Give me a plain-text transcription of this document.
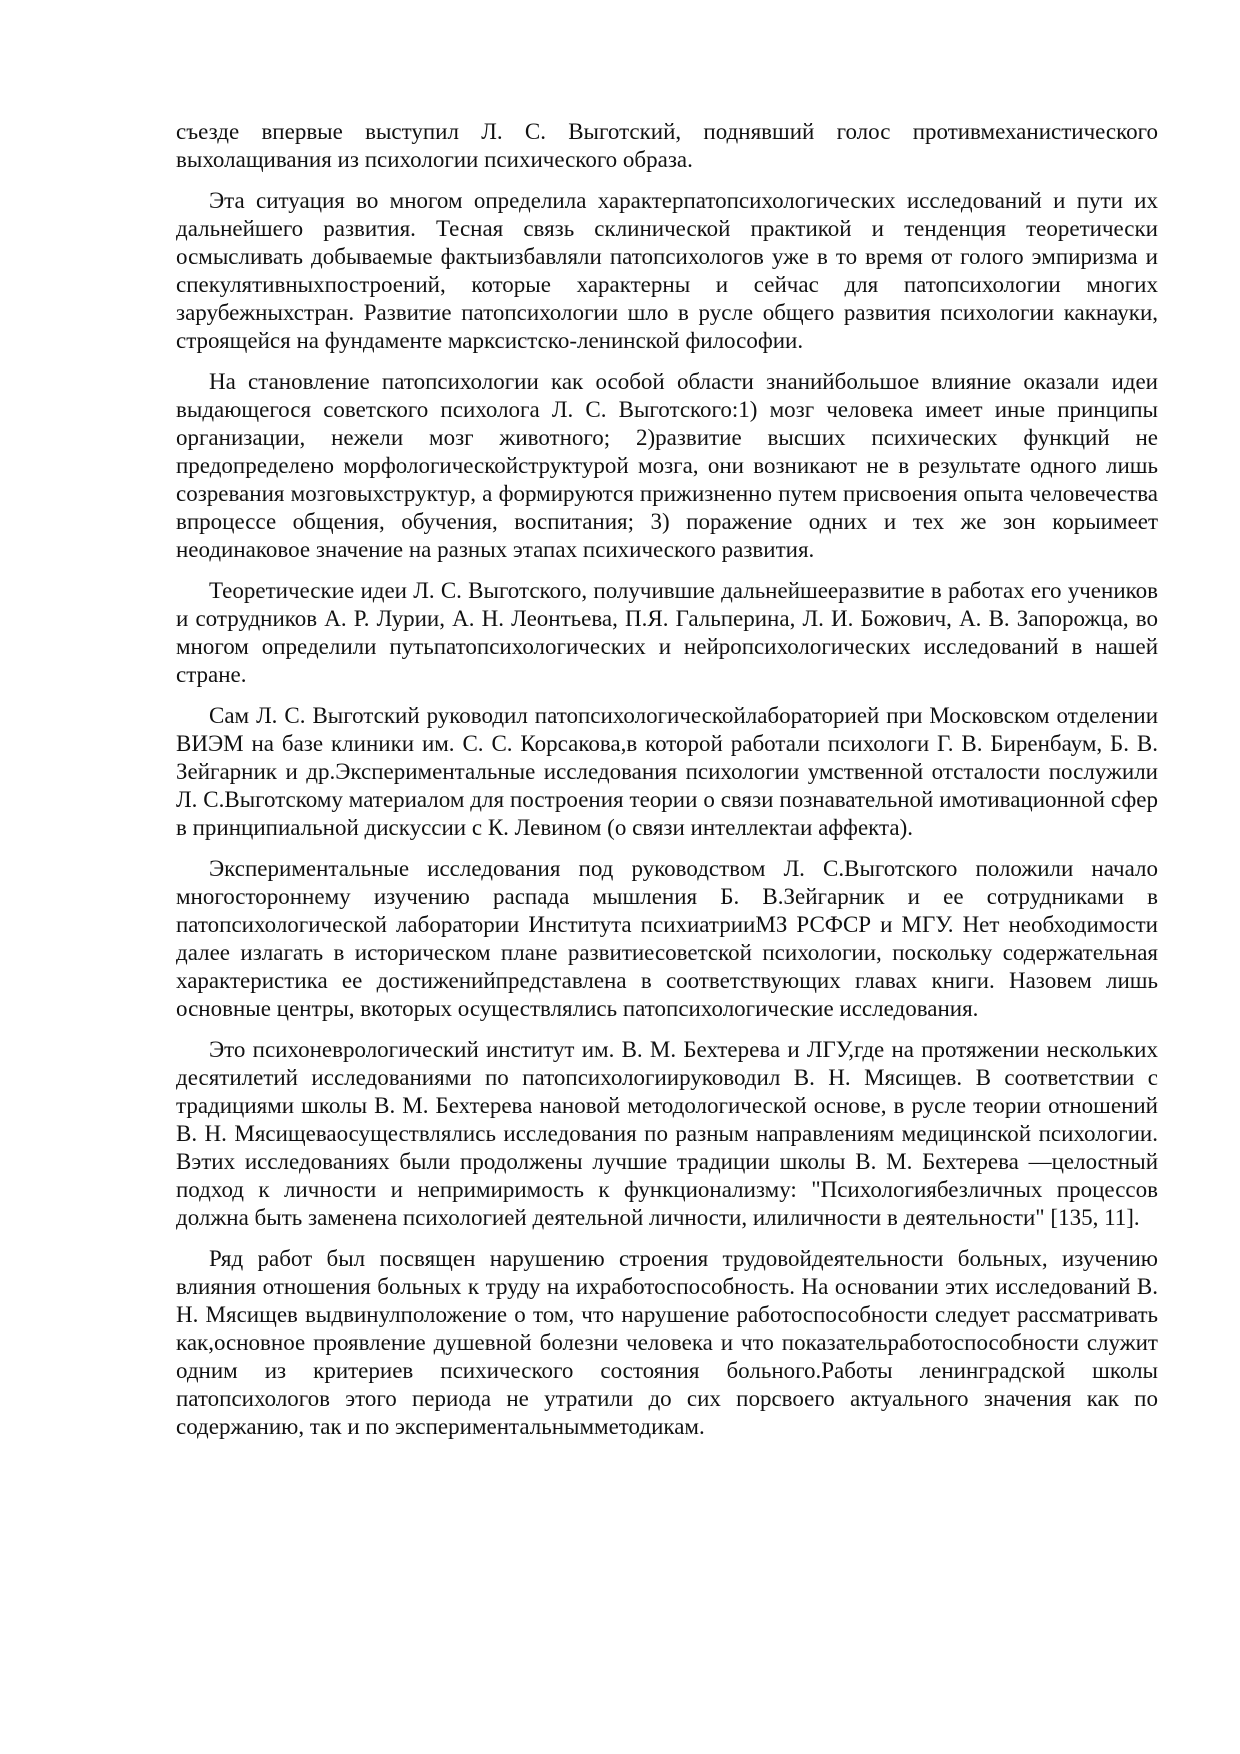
съезде впервые выступил Л. С. Выготский, поднявший голос противмеханистического выхолащивания из психологии психического образа.

Эта ситуация во многом определила характерпатопсихологических исследований и пути их дальнейшего развития. Тесная связь склинической практикой и тенденция теоретически осмысливать добываемые фактыизбавляли патопсихологов уже в то время от голого эмпиризма и спекулятивныхпостроений, которые характерны и сейчас для патопсихологии многих зарубежныхстран. Развитие патопсихологии шло в русле общего развития психологии какнауки, строящейся на фундаменте марксистско-ленинской философии.

На становление патопсихологии как особой области знанийбольшое влияние оказали идеи выдающегося советского психолога Л. С. Выготского:1) мозг человека имеет иные принципы организации, нежели мозг животного; 2)развитие высших психических функций не предопределено морфологическойструктурой мозга, они возникают не в результате одного лишь созревания мозговыхструктур, а формируются прижизненно путем присвоения опыта человечества впроцессе общения, обучения, воспитания; 3) поражение одних и тех же зон корыимеет неодинаковое значение на разных этапах психического развития.

Теоретические идеи Л. С. Выготского, получившие дальнейшееразвитие в работах его учеников и сотрудников А. Р. Лурии, А. Н. Леонтьева, П.Я. Гальперина, Л. И. Божович, А. В. Запорожца, во многом определили путьпатопсихологических и нейропсихологических исследований в нашей стране.

Сам Л. С. Выготский руководил патопсихологическойлабораторией при Московском отделении ВИЭМ на базе клиники им. С. С. Корсакова,в которой работали психологи Г. В. Биренбаум, Б. В. Зейгарник и др.Экспериментальные исследования психологии умственной отсталости послужили Л. С.Выготскому материалом для построения теории о связи познавательной имотивационной сфер в принципиальной дискуссии с К. Левином (о связи интеллектаи аффекта).

Экспериментальные исследования под руководством Л. С.Выготского положили начало многостороннему изучению распада мышления Б. В.Зейгарник и ее сотрудниками в патопсихологической лаборатории Института психиатрииМЗ РСФСР и МГУ. Нет необходимости далее излагать в историческом плане развитиесоветской психологии, поскольку содержательная характеристика ее достиженийпредставлена в соответствующих главах книги. Назовем лишь основные центры, вкоторых осуществлялись патопсихологические исследования.

Это психоневрологический институт им. В. М. Бехтерева и ЛГУ,где на протяжении нескольких десятилетий исследованиями по патопсихологиируководил В. Н. Мясищев. В соответствии с традициями школы В. М. Бехтерева нановой методологической основе, в русле теории отношений В. Н. Мясищеваосуществлялись исследования по разным направлениям медицинской психологии. Вэтих исследованиях были продолжены лучшие традиции школы В. М. Бехтерева —целостный подход к личности и непримиримость к функционализму: "Психологиябезличных процессов должна быть заменена психологией деятельной личности, илиличности в деятельности" [135, 11].

Ряд работ был посвящен нарушению строения трудовойдеятельности больных, изучению влияния отношения больных к труду на ихработоспособность. На основании этих исследований В. Н. Мясищев выдвинулположение о том, что нарушение работоспособности следует рассматривать как,основное проявление душевной болезни человека и что показательработоспособности служит одним из критериев психического состояния больного.Работы ленинградской школы патопсихологов этого периода не утратили до сих порсвоего актуального значения как по содержанию, так и по экспериментальнымметодикам.
